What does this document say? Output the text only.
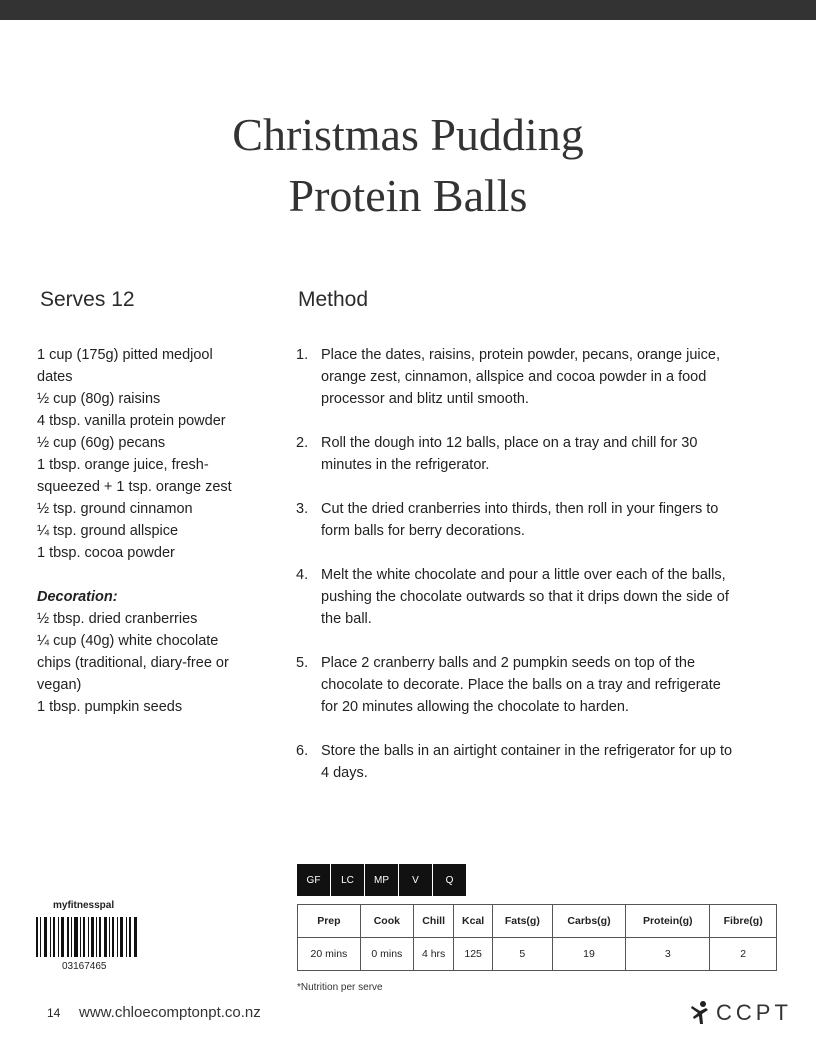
Christmas Pudding
Protein Balls
Serves 12	Method
1 cup (175g) pitted medjool
dates
½ cup (80g) raisins
4 tbsp. vanilla protein powder
½ cup (60g) pecans
1 tbsp. orange juice, fresh-
squeezed + 1 tsp. orange zest
½ tsp. ground cinnamon
¼ tsp. ground allspice
1 tbsp. cocoa powder
Decoration:
½ tbsp. dried cranberries
¼ cup (40g) white chocolate
chips (traditional, diary-free or
vegan)
1 tbsp. pumpkin seeds
1. Place the dates, raisins, protein powder, pecans, orange juice,
orange zest, cinnamon, allspice and cocoa powder in a food
processor and blitz until smooth.
2. Roll the dough into 12 balls, place on a tray and chill for 30
minutes in the refrigerator.
3. Cut the dried cranberries into thirds, then roll in your fingers to
form balls for berry decorations.
4. Melt the white chocolate and pour a little over each of the balls,
pushing the chocolate outwards so that it drips down the side of
the ball.
5. Place 2 cranberry balls and 2 pumpkin seeds on top of the
chocolate to decorate. Place the balls on a tray and refrigerate
for 20 minutes allowing the chocolate to harden.
6. Store the balls in an airtight container in the refrigerator for up to
4 days.
GF	LC	MP	V	Q
Prep	Cook	Chill	Kcal	Fats(g)	Carbs(g)	Protein(g)	Fibre(g)
20 mins	0 mins	4 hrs	125	5	19	3	2
*Nutrition per serve
myfitnesspal
03167465
14 www.chloecomptonpt.co.nz	CCPT
